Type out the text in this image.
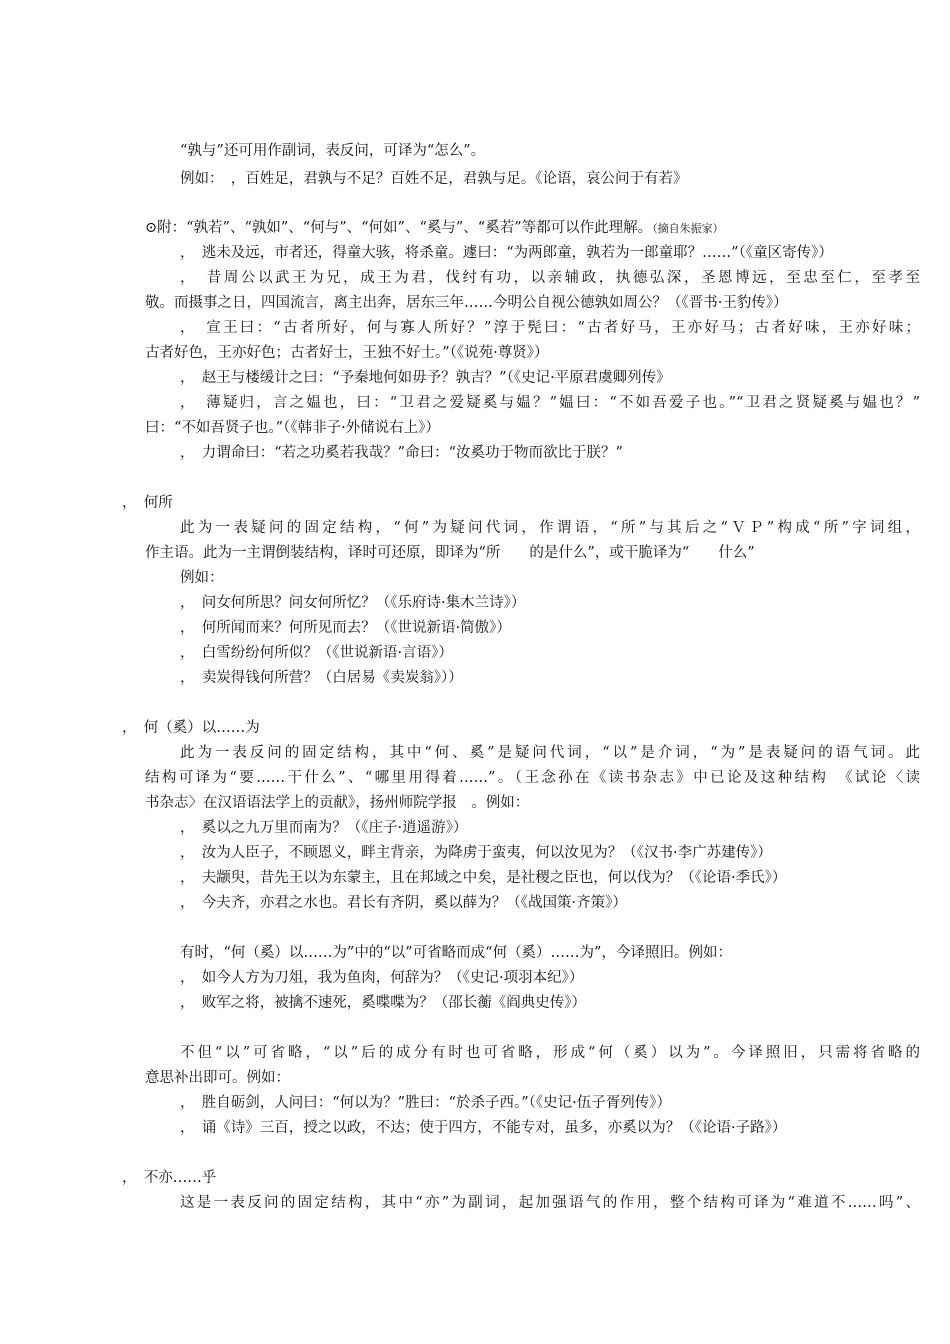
“孰与”还可用作副词，表反问，可译为“怎么”。
例如：　，百姓足，君孰与不足？百姓不足，君孰与足。《论语，哀公问于有若》
⊙附：“孰若”、“孰如”、“何与”、“何如”、“奚与”、“奚若”等都可以作此理解。（摘自朱振家）
，　逃未及远，市者还，得童大骇，将杀童。遽曰：“为两郎童，孰若为一郎童耶？……”（《童区寄传》）
，　昔周公以武王为兄，成王为君，伐纣有功，以亲辅政，执德弘深，圣恩博远，至忠至仁，至孝至
敬。而摄事之日，四国流言，离主出奔，居东三年……今明公自视公德孰如周公？（《晋书·王豹传》）
，　宣王曰：“古者所好，何与寡人所好？”淳于髡曰：“古者好马，王亦好马；古者好味，王亦好味；
古者好色，王亦好色；古者好士，王独不好士。”（《说苑·尊贤》）
，　赵王与楼缓计之曰：“予秦地何如毋予？孰吉？”（《史记·平原君虞卿列传》
，　薄疑归，言之媪也，曰：“卫君之爱疑奚与媪？”媪曰：“不如吾爱子也。”“卫君之贤疑奚与媪也？”
曰：“不如吾贤子也。”（《韩非子·外储说右上》）
，　力谓命曰：“若之功奚若我哉？”命曰：“汝奚功于物而欲比于朕？”
，　何所
此为一表疑问的固定结构，“何”为疑问代词，作谓语，“所”与其后之“ＶＰ”构成“所”字词组，
作主语。此为一主谓倒装结构，译时可还原，即译为“所　　的是什么”，或干脆译为“　　什么”
例如：
，　问女何所思？问女何所忆？（《乐府诗·集木兰诗》）
，　何所闻而来？何所见而去？（《世说新语·简傲》）
，　白雪纷纷何所似？（《世说新语·言语》）
，　卖炭得钱何所营？（白居易《卖炭翁》））
，　何（奚）以……为
此为一表反问的固定结构，其中“何、奚”是疑问代词，“以”是介词，“为”是表疑问的语气词。此
结构可译为“要……干什么”、“哪里用得着……”。（王念孙在《读书杂志》中已论及这种结构　《试论〈读
书杂志〉在汉语语法学上的贡献》，扬州师院学报　。例如：
，　奚以之九万里而南为？（《庄子·逍遥游》）
，　汝为人臣子，不顾恩义，畔主背亲，为降虏于蛮夷，何以汝见为？（《汉书·李广苏建传》）
，　夫颛臾，昔先王以为东蒙主，且在邦域之中矣，是社稷之臣也，何以伐为？（《论语·季氏》）
，　今夫齐，亦君之水也。君长有齐阴，奚以薛为？（《战国策·齐策》）
有时，“何（奚）以……为”中的“以”可省略而成“何（奚）……为”，今译照旧。例如：
，　如今人方为刀俎，我为鱼肉，何辞为？（《史记·项羽本纪》）
，　败军之将，被擒不速死，奚喋喋为？（邵长蘅《阎典史传》）
不但“以”可省略，“以”后的成分有时也可省略，形成“何（奚）以为”。今译照旧，只需将省略的
意思补出即可。例如：
，　胜自砺剑，人问曰：“何以为？”胜曰：“於杀子西。”（《史记·伍子胥列传》）
，　诵《诗》三百，授之以政，不达；使于四方，不能专对，虽多，亦奚以为？（《论语·子路》）
，　不亦……乎
这是一表反问的固定结构，其中“亦”为副词，起加强语气的作用，整个结构可译为“难道不……吗”、
